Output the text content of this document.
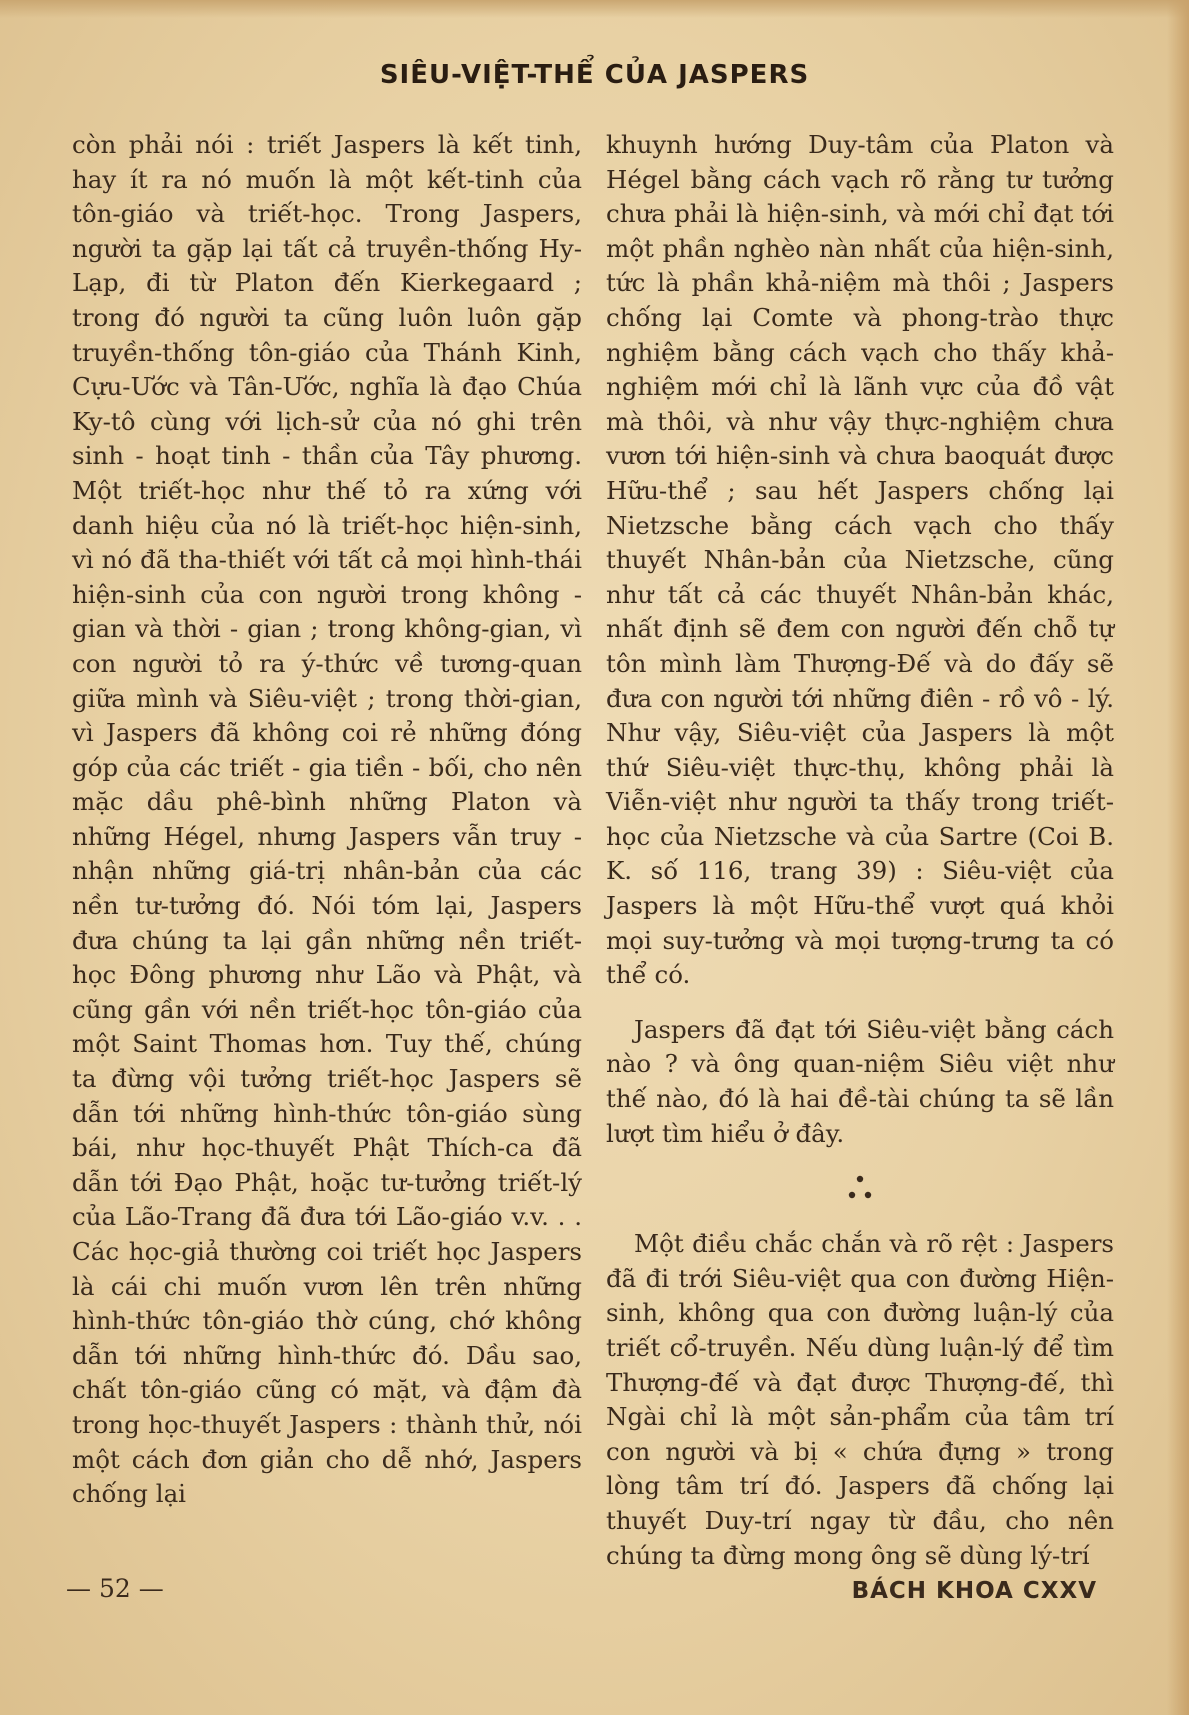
SIÊU-VIỆT-THỂ CỦA JASPERS

còn phải nói : triết Jaspers là kết tinh, hay ít ra nó muốn là một kết-tinh của tôn-giáo và triết-học. Trong Jaspers, người ta gặp lại tất cả truyền-thống Hy-Lạp, đi từ Platon đến Kierkegaard ; trong đó người ta cũng luôn luôn gặp truyền-thống tôn-giáo của Thánh Kinh, Cựu-Ước và Tân-Ước, nghĩa là đạo Chúa Ky-tô cùng với lịch-sử của nó ghi trên sinh - hoạt tinh - thần của Tây phương. Một triết-học như thế tỏ ra xứng với danh hiệu của nó là triết-học hiện-sinh, vì nó đã tha-thiết với tất cả mọi hình-thái hiện-sinh của con người trong không - gian và thời - gian ; trong không-gian, vì con người tỏ ra ý-thức về tương-quan giữa mình và Siêu-việt ; trong thời-gian, vì Jaspers đã không coi rẻ những đóng góp của các triết - gia tiền - bối, cho nên mặc dầu phê-bình những Platon và những Hégel, nhưng Jaspers vẫn truy - nhận những giá-trị nhân-bản của các nền tư-tưởng đó. Nói tóm lại, Jaspers đưa chúng ta lại gần những nền triết-học Đông phương như Lão và Phật, và cũng gần với nền triết-học tôn-giáo của một Saint Thomas hơn. Tuy thế, chúng ta đừng vội tưởng triết-học Jaspers sẽ dẫn tới những hình-thức tôn-giáo sùng bái, như học-thuyết Phật Thích-ca đã dẫn tới Đạo Phật, hoặc tư-tưởng triết-lý của Lão-Trang đã đưa tới Lão-giáo v.v. . . Các học-giả thường coi triết học Jaspers là cái chi muốn vươn lên trên những hình-thức tôn-giáo thờ cúng, chớ không dẫn tới những hình-thức đó. Dầu sao, chất tôn-giáo cũng có mặt, và đậm đà trong học-thuyết Jaspers : thành thử, nói một cách đơn giản cho dễ nhớ, Jaspers chống lại

khuynh hướng Duy-tâm của Platon và Hégel bằng cách vạch rõ rằng tư tưởng chưa phải là hiện-sinh, và mới chỉ đạt tới một phần nghèo nàn nhất của hiện-sinh, tức là phần khả-niệm mà thôi ; Jaspers chống lại Comte và phong-trào thực nghiệm bằng cách vạch cho thấy khả-nghiệm mới chỉ là lãnh vực của đồ vật mà thôi, và như vậy thực-nghiệm chưa vươn tới hiện-sinh và chưa baoquát được Hữu-thể ; sau hết Jaspers chống lại Nietzsche bằng cách vạch cho thấy thuyết Nhân-bản của Nietzsche, cũng như tất cả các thuyết Nhân-bản khác, nhất định sẽ đem con người đến chỗ tự tôn mình làm Thượng-Đế và do đấy sẽ đưa con người tới những điên - rồ vô - lý. Như vậy, Siêu-việt của Jaspers là một thứ Siêu-việt thực-thụ, không phải là Viễn-việt như người ta thấy trong triết-học của Nietzsche và của Sartre (Coi B. K. số 116, trang 39) : Siêu-việt của Jaspers là một Hữu-thể vượt quá khỏi mọi suy-tưởng và mọi tượng-trưng ta có thể có.

Jaspers đã đạt tới Siêu-việt bằng cách nào ? và ông quan-niệm Siêu việt như thế nào, đó là hai đề-tài chúng ta sẽ lần lượt tìm hiểu ở đây.

Một điều chắc chắn và rõ rệt : Jaspers đã đi trới Siêu-việt qua con đường Hiện-sinh, không qua con đường luận-lý của triết cổ-truyền. Nếu dùng luận-lý để tìm Thượng-đế và đạt được Thượng-đế, thì Ngài chỉ là một sản-phẩm của tâm trí con người và bị « chứa đựng » trong lòng tâm trí đó. Jaspers đã chống lại thuyết Duy-trí ngay từ đầu, cho nên chúng ta đừng mong ông sẽ dùng lý-trí

— 52 —	BÁCH KHOA CXXV
